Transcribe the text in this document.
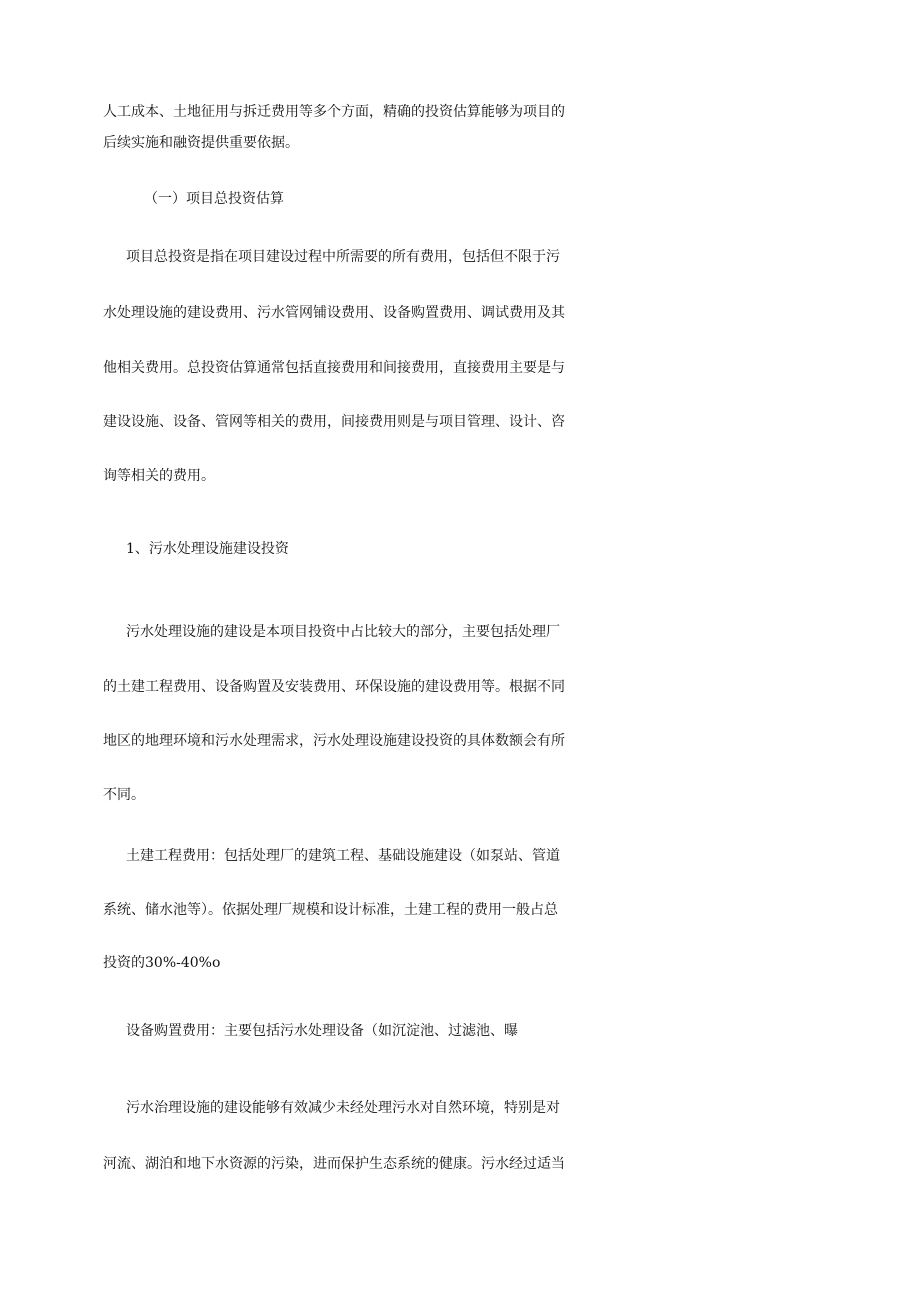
人工成本、土地征用与拆迁费用等多个方面，精确的投资估算能够为项目的
后续实施和融资提供重要依据。
（一）项目总投资估算
项目总投资是指在项目建设过程中所需要的所有费用，包括但不限于污
水处理设施的建设费用、污水管网铺设费用、设备购置费用、调试费用及其
他相关费用。总投资估算通常包括直接费用和间接费用，直接费用主要是与
建设设施、设备、管网等相关的费用，间接费用则是与项目管理、设计、咨
询等相关的费用。
1、污水处理设施建设投资
污水处理设施的建设是本项目投资中占比较大的部分，主要包括处理厂
的土建工程费用、设备购置及安装费用、环保设施的建设费用等。根据不同
地区的地理环境和污水处理需求，污水处理设施建设投资的具体数额会有所
不同。
土建工程费用：包括处理厂的建筑工程、基础设施建设（如泵站、管道
系统、储水池等）。依据处理厂规模和设计标准，土建工程的费用一般占总
投资的30%-40%o
设备购置费用：主要包括污水处理设备（如沉淀池、过滤池、曝
污水治理设施的建设能够有效减少未经处理污水对自然环境，特别是对
河流、湖泊和地下水资源的污染，进而保护生态系统的健康。污水经过适当
